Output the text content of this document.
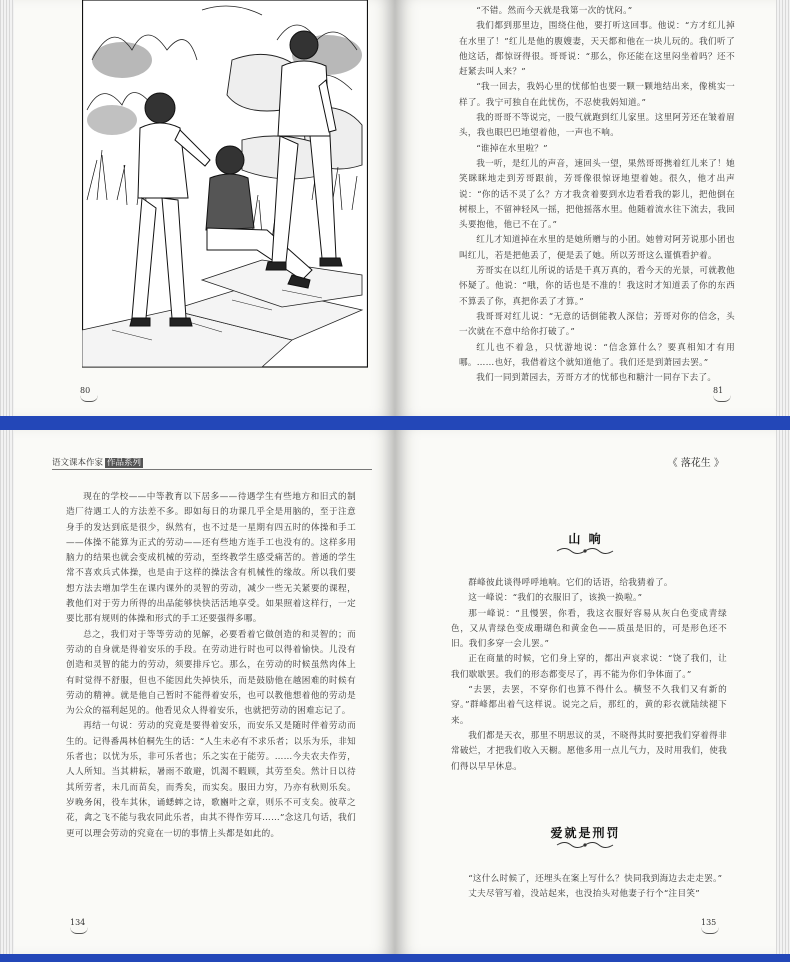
80

“不错。然而今天就是我第一次的忧闷。”

我们都到那里边，围绕住他，要打听这回事。他说：“方才红儿掉在水里了！”红儿是他的腹嫂妻，天天都和他在一块儿玩的。我们听了他这话，都惊讶得很。哥哥说：“那么，你还能在这里闷坐着吗？还不赶紧去叫人来？”

“我一回去，我妈心里的忧郁怕也要一颗一颗地结出来，像桃实一样了。我宁可独自在此忧伤，不忍使我妈知道。”

我的哥哥不等说完，一股气就跑到红儿家里。这里阿芳还在皱着眉头，我也眼巴巴地望着他，一声也不响。

“谁掉在水里啦？”

我一听，是红儿的声音，速回头一望，果然哥哥携着红儿来了！她笑眯眯地走到芳哥跟前，芳哥像很惊讶地望着她。很久，他才出声说：“你的话不灵了么？方才我贪着要到水边看看我的影儿，把他倒在树根上，不留神轻风一摇，把他摇落水里。他随着流水往下流去，我回头要抱他，他已不在了。”

红儿才知道掉在水里的是她所赠与的小团。她曾对阿芳说那小团也叫红儿，若是把他丢了，便是丢了她。所以芳哥这么谨慎看护着。

芳哥实在以红儿所说的话是千真万真的，看今天的光景，可就教他怀疑了。他说：“哦，你的话也是不准的！我这时才知道丢了你的东西不算丢了你，真把你丢了才算。”

我哥哥对红儿说：“无意的话倒能教人深信；芳哥对你的信念，头一次就在不意中给你打破了。”

红儿也不着急，只忧游地说：“信念算什么？要真相知才有用哪。……也好，我借着这个就知道他了。我们还是到萧园去罢。”

我们一同到萧园去，芳哥方才的忧郁也和糖汁一同存下去了。

81
语文课本作家 作品系列

现在的学校——中等教育以下居多——待遇学生有些地方和旧式的制造厂待遇工人的方法差不多。即如每日的功课几乎全是用脑的，至于注意身手的发达到底是很少，纵然有，也不过是一星期有四五时的体操和手工——体操不能算为正式的劳动——还有些地方连手工也没有的。这样多用脑力的结果也就会变成机械的劳动，至终教学生感受痛苦的。普通的学生常不喜欢兵式体操，也是由于这样的操法含有机械性的缘故。所以我们要想方法去增加学生在课内课外的灵智的劳动，减少一些无关紧要的课程，教他们对于劳力所得的出品能够快快活活地享受。如果照着这样行，一定要比那有规则的体操和形式的手工还要强得多哪。

总之，我们对于等等劳动的见解，必要看着它做创造的和灵智的；而劳动的自身就是得着安乐的手段。在劳动进行时也可以得着愉快。儿没有创造和灵智的能力的劳动，须要排斥它。那么，在劳动的时候虽然肉体上有时觉得不舒服，但也不能因此失掉快乐，而是鼓励他在越困难的时候有劳动的精神。就是他自己暂时不能得着安乐，也可以教他想着他的劳动是为公众的福利起见的。他看见众人得着安乐，也就把劳动的困难忘记了。

再结一句说：劳动的究竟是要得着安乐，而安乐又是随时伴着劳动而生的。记得番禺林伯桐先生的话：“人生未必有不求乐者；以乐为乐，非知乐者也；以忧为乐，非可乐者也；乐之实在于能劳。……今夫农夫作劳，人人所知。当其耕耘，暑雨不敢避，饥渴不暇顾，其劳至矣。然计日以待其所劳者，未几而苗矣，而秀矣，而实矣。服田力穷，乃亦有秋则乐矣。岁晚务闲，役车其休，诵蟋蟀之诗，歌豳叶之章，则乐不可支矣。彼草之花，禽之飞不能与我农同此乐者，由其不得作劳耳……”念这几句话，我们更可以理会劳动的究竟在一切的事情上头都是如此的。

134
《 落花生 》
山 响

群峰彼此谈得呼呼地响。它们的话语，给我猜着了。

这一峰说：“我们的衣服旧了，该换一换啦。”

那一峰说：“且慢罢，你看，我这衣服好容易从灰白色变成青绿色，又从青绿色变成珊瑚色和黄金色——质虽是旧的，可是形色还不旧。我们多穿一会儿罢。”

正在商量的时候，它们身上穿的，都出声哀求说：“饶了我们，让我们歇歇罢。我们的形态都变尽了，再不能为你们争体面了。”

“去罢，去罢，不穿你们也算不得什么。横竖不久我们又有新的穿。”群峰都出着气这样说。说完之后，那红的，黄的彩衣就陆续褪下来。

我们都是天衣，那里不明思议的灵，不晓得其时要把我们穿着得非常破烂，才把我们收入天橱。愿他多用一点儿气力，及时用我们，使我们得以早早休息。

爱就是刑罚

“这什么时候了，还埋头在案上写什么？快同我到海边去走走罢。”

丈夫尽管写着，没站起来，也没抬头对他妻子行个“注目笑”

135
